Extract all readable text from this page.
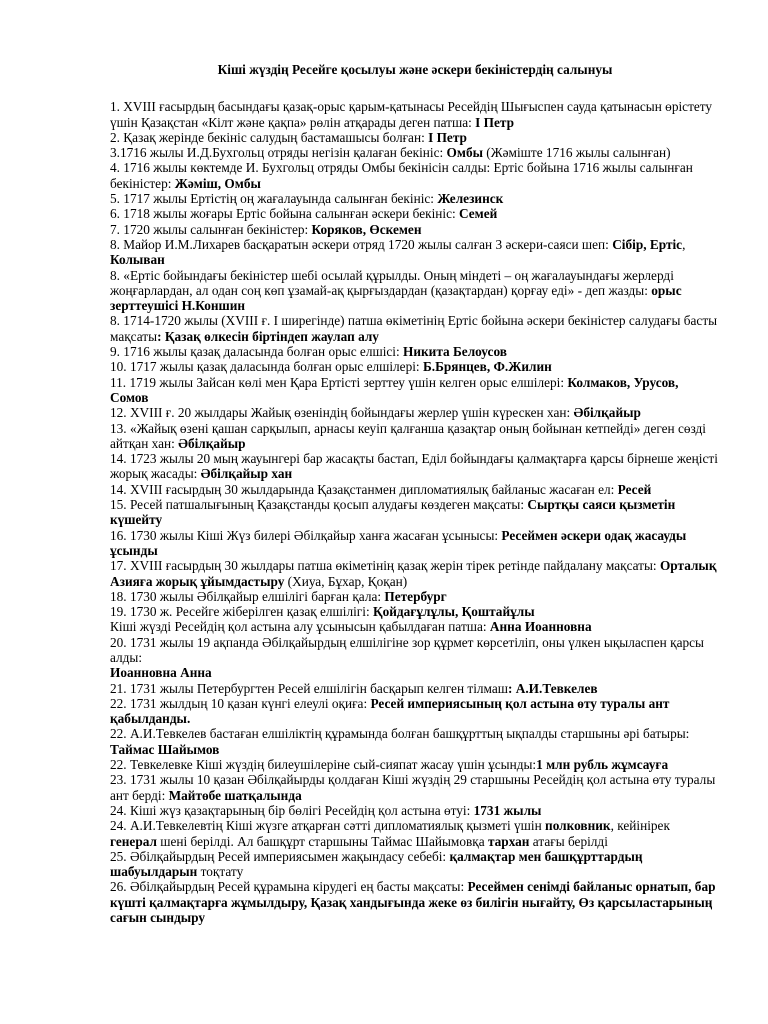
Кіші жүздің Ресейге қосылуы және әскери бекіністердің салынуы
1. XVIII ғасырдың басындағы қазақ-орыс қарым-қатынасы Ресейдің Шығыспен сауда қатынасын өрістету үшін Қазақстан «Кілт және қақпа» рөлін атқарады деген патша: I Петр
2. Қазақ жерінде бекініс салудың бастамашысы болған: I Петр
3.1716 жылы И.Д.Бухгольц отряды негізін қалаған бекініс: Омбы (Жәміште 1716 жылы салынған)
4. 1716 жылы көктемде И. Бухгольц отряды Омбы бекінісін салды: Ертіс бойына 1716 жылы салынған бекіністер: Жәміш, Омбы
5. 1717 жылы Ертістің оң жағалауында салынған бекініс: Железинск
6. 1718 жылы жоғары Ертіс бойына салынған әскери бекініс: Семей
7. 1720 жылы салынған бекіністер: Коряков, Өскемен
8. Майор И.М.Лихарев басқаратын әскери отряд 1720 жылы салған 3 әскери-саяси шеп: Сібір, Ертіс, Колыван
8. «Ертіс бойындағы бекіністер шебі осылай құрылды. Оның міндеті – оң жағалауындағы жерлерді жоңғарлардан, ал одан соң көп ұзамай-ақ қырғыздардан (қазақтардан) қорғау еді» - деп жазды: орыс зерттеушісі Н.Коншин
8. 1714-1720 жылы (XVIII ғ. I ширегінде) патша өкіметінің Ертіс бойына әскери бекіністер салудағы басты мақсаты: Қазақ өлкесін біртіндеп жаулап алу
9. 1716 жылы қазақ даласында болған орыс елшісі: Никита Белоусов
10. 1717 жылы қазақ даласында болған орыс елшілері: Б.Брянцев, Ф.Жилин
11. 1719 жылы Зайсан көлі мен Қара Ертісті зерттеу үшін келген орыс елшілері: Колмаков, Урусов, Сомов
12. XVIII ғ. 20 жылдары Жайық өзеніндің бойындағы жерлер үшін күрескен хан: Әбілқайыр
13. «Жайық өзені қашан сарқылып, арнасы кеуіп қалғанша қазақтар оның бойынан кетпейді» деген сөзді айтқан хан: Әбілқайыр
14. 1723 жылы 20 мың жауынгері бар жасақты бастап, Еділ бойындағы қалмақтарға қарсы бірнеше жеңісті жорық жасады: Әбілқайыр хан
14. XVIII ғасырдың 30 жылдарында Қазақстанмен дипломатиялық байланыс жасаған ел: Ресей
15. Ресей патшалығының Қазақстанды қосып алудағы көздеген мақсаты: Сыртқы саяси қызметін күшейту
16. 1730 жылы Кіші Жүз билері Әбілқайыр ханға жасаған ұсынысы: Ресеймен әскери одақ жасауды ұсынды
17. XVIII ғасырдың 30 жылдары патша өкіметінің қазақ жерін тірек ретінде пайдалану мақсаты: Орталық Азияға жорық ұйымдастыру (Хиуа, Бұхар, Қоқан)
18. 1730 жылы Әбілқайыр елшілігі барған қала: Петербург
19. 1730 ж. Ресейге жіберілген қазақ елшілігі: Қойдағұлұлы, Қоштайұлы
Кіші жүзді Ресейдің қол астына алу ұсынысын қабылдаған патша: Анна Иоанновна
20. 1731 жылы 19 ақпанда Әбілқайырдың елшілігіне зор құрмет көрсетіліп, оны үлкен ықыласпен қарсы алды:
Иоанновна Анна
21. 1731 жылы Петербургтен Ресей елшілігін басқарып келген тілмаш: А.И.Тевкелев
22. 1731 жылдың 10 қазан күнгі елеулі оқиға: Ресей империясының қол астына өту туралы ант қабылданды.
22. А.И.Тевкелев бастаған елшіліктің құрамында болған башқұрттың ықпалды старшыны әрі батыры: Таймас Шайымов
22. Тевкелевке Кіші жүздің билеушілеріне сый-сияпат жасау үшін ұсынды:1 млн рубль жұмсауға
23. 1731 жылы 10 қазан Әбілқайырды қолдаған Кіші жүздің 29 старшыны Ресейдің қол астына өту туралы ант берді: Майтөбе шатқалында
24. Кіші жүз қазақтарының бір бөлігі Ресейдің қол астына өтуі: 1731 жылы
24. А.И.Тевкелевтің Кіші жүзге атқарған сәтті дипломатиялық қызметі үшін полковник, кейінірек генерал шені берілді. Ал башқұрт старшыны Таймас Шайымовқа тархан атағы берілді
25. Әбілқайырдың Ресей империясымен жақындасу себебі: қалмақтар мен башқұрттардың шабуылдарын тоқтату
26. Әбілқайырдың Ресей құрамына кірудегі ең басты мақсаты: Ресеймен сенімді байланыс орнатып, бар күшті қалмақтарға жұмылдыру, Қазақ хандығында жеке өз билігін нығайту, Өз қарсыластарының сағын сындыру
